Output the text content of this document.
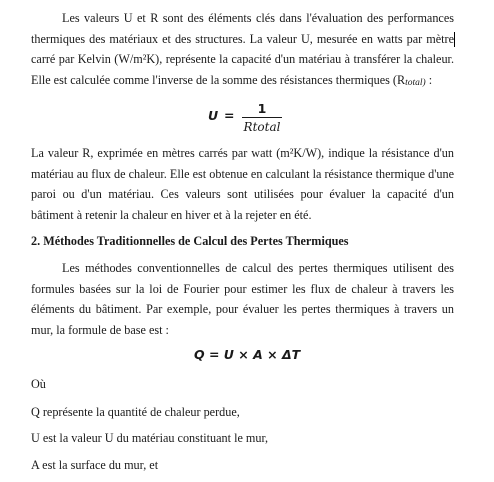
Les valeurs U et R sont des éléments clés dans l'évaluation des performances thermiques des matériaux et des structures. La valeur U, mesurée en watts par mètre carré par Kelvin (W/m²K), représente la capacité d'un matériau à transférer la chaleur. Elle est calculée comme l'inverse de la somme des résistances thermiques (Rtotal) :

U =	1
Rtotal

La valeur R, exprimée en mètres carrés par watt (m²K/W), indique la résistance d'un matériau au flux de chaleur. Elle est obtenue en calculant la résistance thermique d'une paroi ou d'un matériau. Ces valeurs sont utilisées pour évaluer la capacité d'un bâtiment à retenir la chaleur en hiver et à la rejeter en été.

2. Méthodes Traditionnelles de Calcul des Pertes Thermiques

Les méthodes conventionnelles de calcul des pertes thermiques utilisent des formules basées sur la loi de Fourier pour estimer les flux de chaleur à travers les éléments du bâtiment. Par exemple, pour évaluer les pertes thermiques à travers un mur, la formule de base est :

Q = U × A × ΔT

Où

Q représente la quantité de chaleur perdue,

U est la valeur U du matériau constituant le mur,

A est la surface du mur, et
